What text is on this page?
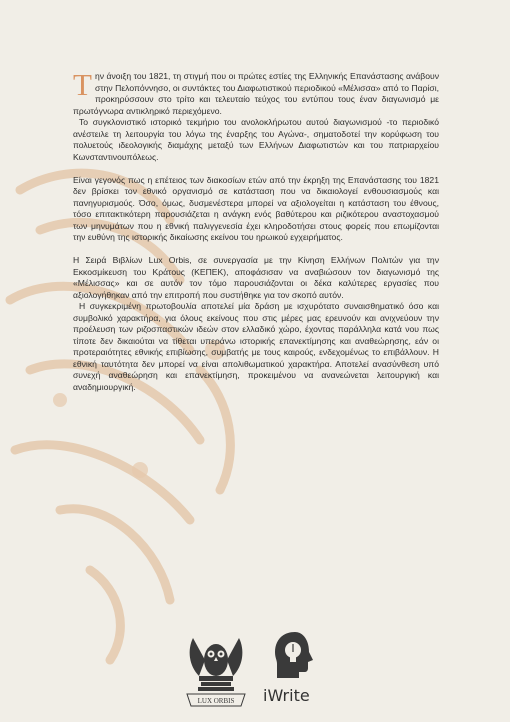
Την άνοιξη του 1821, τη στιγμή που οι πρώτες εστίες της Ελληνικής Επανάστασης ανάβουν στην Πελοπόννησο, οι συντάκτες του Διαφωτιστικού περιοδικού «Μέλισσα» από το Παρίσι, προκηρύσσουν στο τρίτο και τελευταίο τεύχος του εντύπου τους έναν διαγωνισμό με πρωτόγνωρα αντικληρικό περιεχόμενο.

Το συγκλονιστικό ιστορικό τεκμήριο του ανολοκλήρωτου αυτού διαγωνισμού -το περιοδικό ανέστειλε τη λειτουργία του λόγω της έναρξης του Αγώνα-, σηματοδοτεί την κορύφωση του πολυετούς ιδεολογικής διαμάχης μεταξύ των Ελλήνων Διαφωτιστών και του πατριαρχείου Κωνσταντινουπόλεως.

Είναι γεγονός πως η επέτειος των διακοσίων ετών από την έκρηξη της Επανάστασης του 1821 δεν βρίσκει τον εθνικό οργανισμό σε κατάσταση που να δικαιολογεί ενθουσιασμούς και πανηγυρισμούς. Όσο, όμως, δυσμενέστερα μπορεί να αξιολογείται η κατάσταση του έθνους, τόσο επιτακτικότερη παρουσιάζεται η ανάγκη ενός βαθύτερου και ριζικότερου αναστοχασμού των μηνυμάτων που η εθνική παλιγγενεσία έχει κληροδοτήσει στους φορείς που επωμίζονται την ευθύνη της ιστορικής δικαίωσης εκείνου του ηρωικού εγχειρήματος.

Η Σειρά Βιβλίων Lux Orbis, σε συνεργασία με την Κίνηση Ελλήνων Πολιτών για την Εκκοσμίκευση του Κράτους (ΚΕΠΕΚ), αποφάσισαν να αναβιώσουν τον διαγωνισμό της «Μέλισσας» και σε αυτόν τον τόμο παρουσιάζονται οι δέκα καλύτερες εργασίες που αξιολογήθηκαν από την επιτροπή που συστήθηκε για τον σκοπό αυτόν.

Η συγκεκριμένη πρωτοβουλία αποτελεί μία δράση με ισχυρότατο συναισθηματικό όσο και συμβολικό χαρακτήρα, για όλους εκείνους που στις μέρες μας ερευνούν και ανιχνεύουν την προέλευση των ριζοσπαστικών ιδεών στον ελλαδικό χώρο, έχοντας παράλληλα κατά νου πως τίποτε δεν δικαιούται να τίθεται υπεράνω ιστορικής επανεκτίμησης και αναθεώρησης, εάν οι προτεραιότητες εθνικής επιβίωσης, συμβατής με τους καιρούς, ενδεχομένως το επιβάλλουν. Η εθνική ταυτότητα δεν μπορεί να είναι απολιθωματικού χαρακτήρα. Αποτελεί ανασύνθεση υπό συνεχή αναθεώρηση και επανεκτίμηση, προκειμένου να ανανεώνεται λειτουργική και αναδημιουργική.

LUX ORBIS iWrite
